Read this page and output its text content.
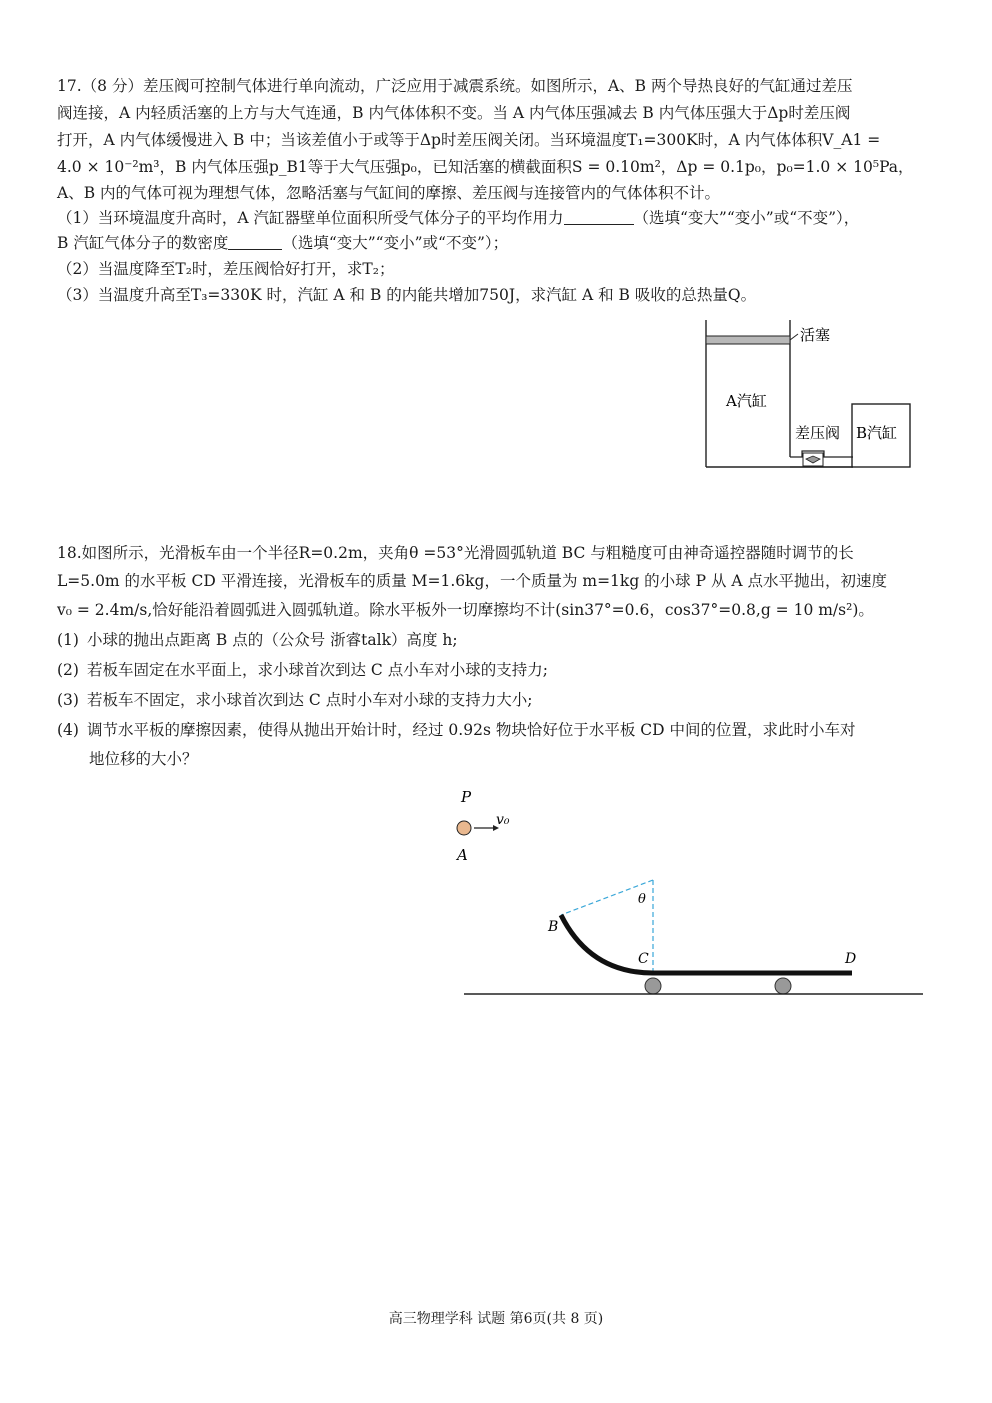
17.（8 分）差压阀可控制气体进行单向流动，广泛应用于减震系统。如图所示，A、B 两个导热良好的气缸通过差压
阀连接，A 内轻质活塞的上方与大气连通，B 内气体体积不变。当 A 内气体压强减去 B 内气体压强大于Δp时差压阀
打开，A 内气体缓慢进入 B 中；当该差值小于或等于Δp时差压阀关闭。当环境温度T₁=300K时，A 内气体体积V_A1 =
4.0 × 10⁻²m³，B 内气体压强p_B1等于大气压强p₀，已知活塞的横截面积S = 0.10m²，Δp = 0.1p₀，p₀=1.0 × 10⁵Pa，
A、B 内的气体可视为理想气体，忽略活塞与气缸间的摩擦、差压阀与连接管内的气体体积不计。
（1）当环境温度升高时，A 汽缸器壁单位面积所受气体分子的平均作用力	（选填“变大”“变小”或“不变”），
B 汽缸气体分子的数密度	（选填“变大”“变小”或“不变”）；
（2）当温度降至T₂时，差压阀恰好打开，求T₂；
（3）当温度升高至T₃=330K 时，汽缸 A 和 B 的内能共增加750J，求汽缸 A 和 B 吸收的总热量Q。
活塞
A汽缸
差压阀 B汽缸
18.如图所示，光滑板车由一个半径R=0.2m，夹角θ =53°光滑圆弧轨道 BC 与粗糙度可由神奇遥控器随时调节的长
L=5.0m 的水平板 CD 平滑连接，光滑板车的质量 M=1.6kg，一个质量为 m=1kg 的小球 P 从 A 点水平抛出，初速度
v₀ = 2.4m/s,恰好能沿着圆弧进入圆弧轨道。除水平板外一切摩擦均不计(sin37°=0.6，cos37°=0.8,g = 10 m/s²)。
(1) 小球的抛出点距离 B 点的（公众号 浙睿talk）高度 h;
(2) 若板车固定在水平面上，求小球首次到达 C 点小车对小球的支持力;
(3) 若板车不固定，求小球首次到达 C 点时小车对小球的支持力大小;
(4) 调节水平板的摩擦因素，使得从抛出开始计时，经过 0.92s 物块恰好位于水平板 CD 中间的位置，求此时小车对
地位移的大小？
P
v₀
A
θ
B
C	D
高三物理学科 试题 第6页(共 8 页)
